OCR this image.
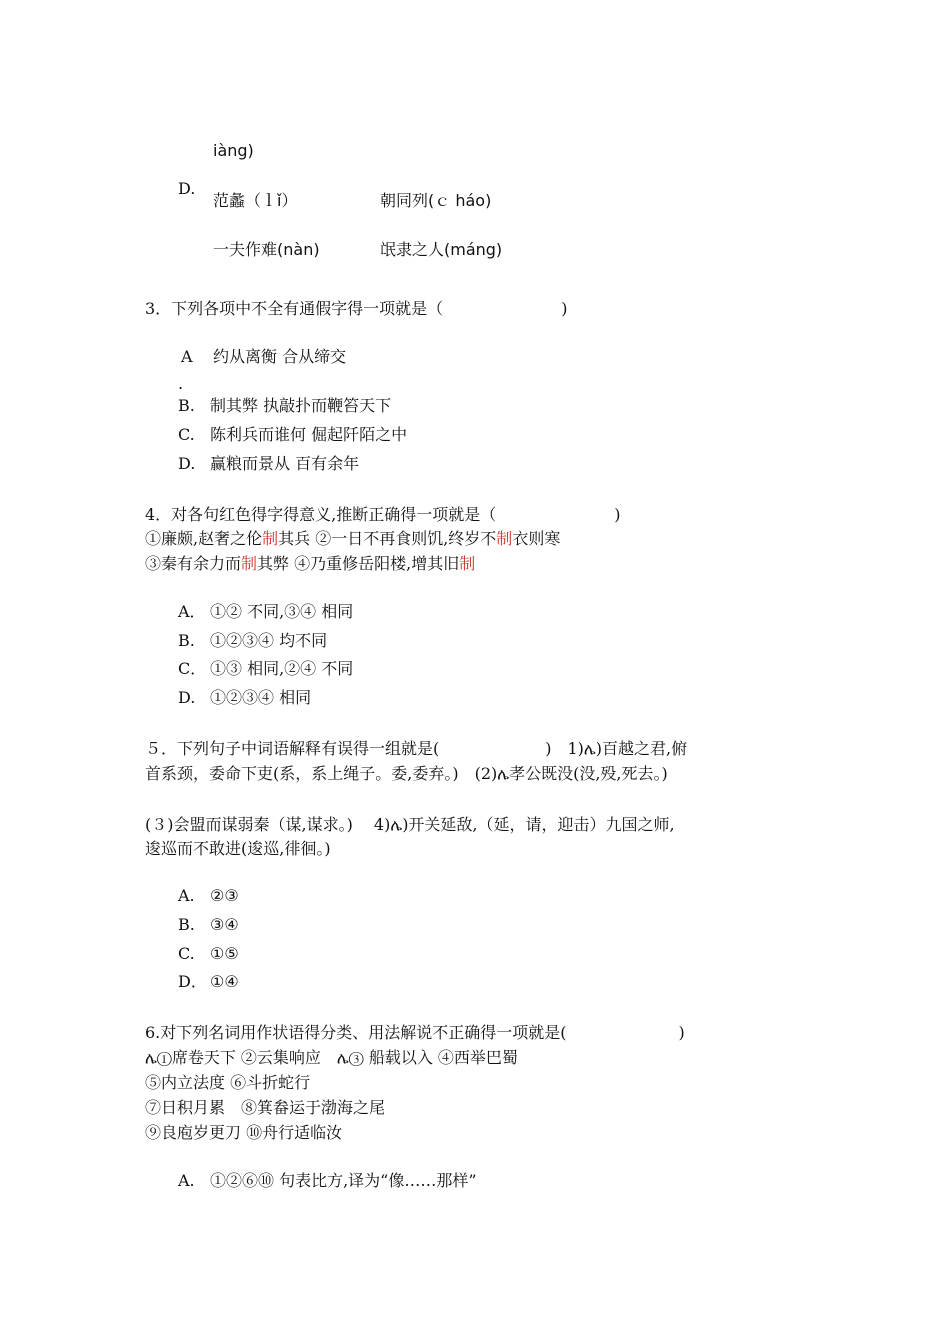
iàng)
D.
范蠡（ｌǐ）	朝同列(ｃ háo)
一夫作难(nàn)	氓隶之人(máng)
3．下列各项中不全有通假字得一项就是（	)
A
.
约从离衡 合从缔交
B. 制其弊 执敲扑而鞭笞天下
C. 陈利兵而谁何 倔起阡陌之中
D. 赢粮而景从 百有余年
4．对各句红色得字得意义,推断正确得一项就是（	)
①廉颇,赵奢之伦制其兵 ②一日不再食则饥,终岁不制衣则寒
③秦有余力而制其弊 ④乃重修岳阳楼,增其旧制
A． ①② 不同,③④ 相同
B. ①②③④ 均不同
C． ①③ 相同,②④ 不同
D. ①②③④ 相同
５．下列句子中词语解释有误得一组就是(	)　1)ሌ)百越之君,俯
首系颈，委命下吏(系，系上绳子。委,委弃。)　(2)ሌ孝公既没(没,殁,死去。)
(３)会盟而谋弱秦（谋,谋求。)　 4)ሌ)开关延敌,（延，请，迎击）九国之师,
逡巡而不敢进(逡巡,徘徊。)
A. ②③
B. ③④
C. ①⑤
D． ①④
6.对下列名词用作状语得分类、用法解说不正确得一项就是(	)
ሌ①席卷天下 ②云集响应　ሌ③ 船载以入 ④西举巴蜀
⑤内立法度 ⑥斗折蛇行
⑦日积月累　⑧箕畚运于渤海之尾
⑨良庖岁更刀 ⑩舟行适临汝
A. ①②⑥⑩ 句表比方,译为“像……那样”
